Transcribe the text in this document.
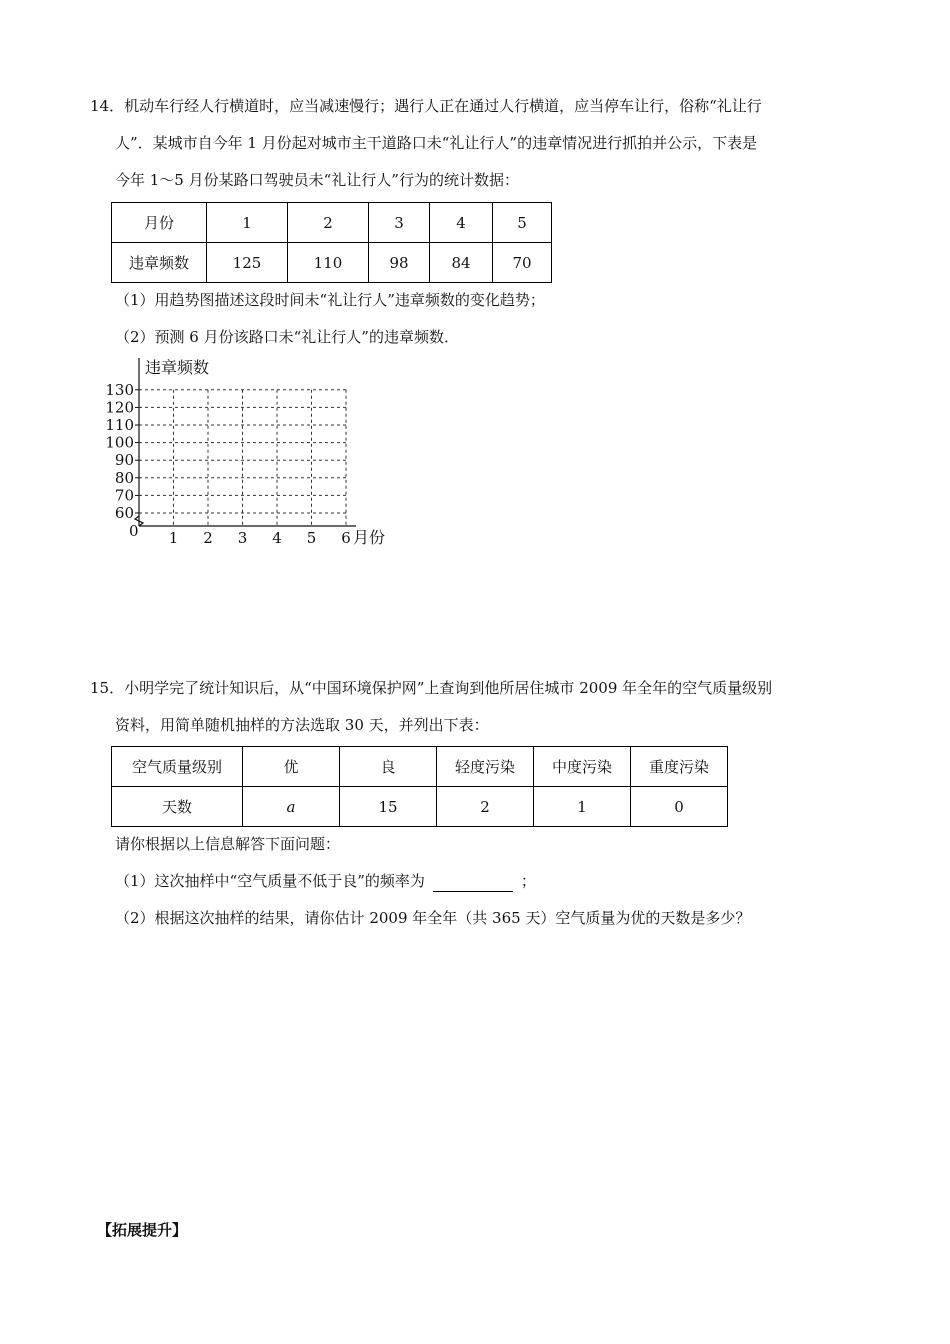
14．机动车行经人行横道时，应当减速慢行；遇行人正在通过人行横道，应当停车让行，俗称“礼让行
人”．某城市自今年 1 月份起对城市主干道路口未“礼让行人”的违章情况进行抓拍并公示，下表是
今年 1～5 月份某路口驾驶员未“礼让行人”行为的统计数据：
月份	1	2	3	4	5
违章频数	125	110	98	84	70
（1）用趋势图描述这段时间未“礼让行人”违章频数的变化趋势；
（2）预测 6 月份该路口未“礼让行人”的违章频数．
60
70
80
90
100
110
120
130
1 2 3 4 5 6
违章频数
月份
0
15．小明学完了统计知识后，从“中国环境保护网”上查询到他所居住城市 2009 年全年的空气质量级别
资料，用简单随机抽样的方法选取 30 天，并列出下表：
空气质量级别	优	良	轻度污染	中度污染	重度污染
天数	a	15	2	1	0
请你根据以上信息解答下面问题：
（1）这次抽样中“空气质量不低于良”的频率为	；
（2）根据这次抽样的结果，请你估计 2009 年全年（共 365 天）空气质量为优的天数是多少？
【拓展提升】
